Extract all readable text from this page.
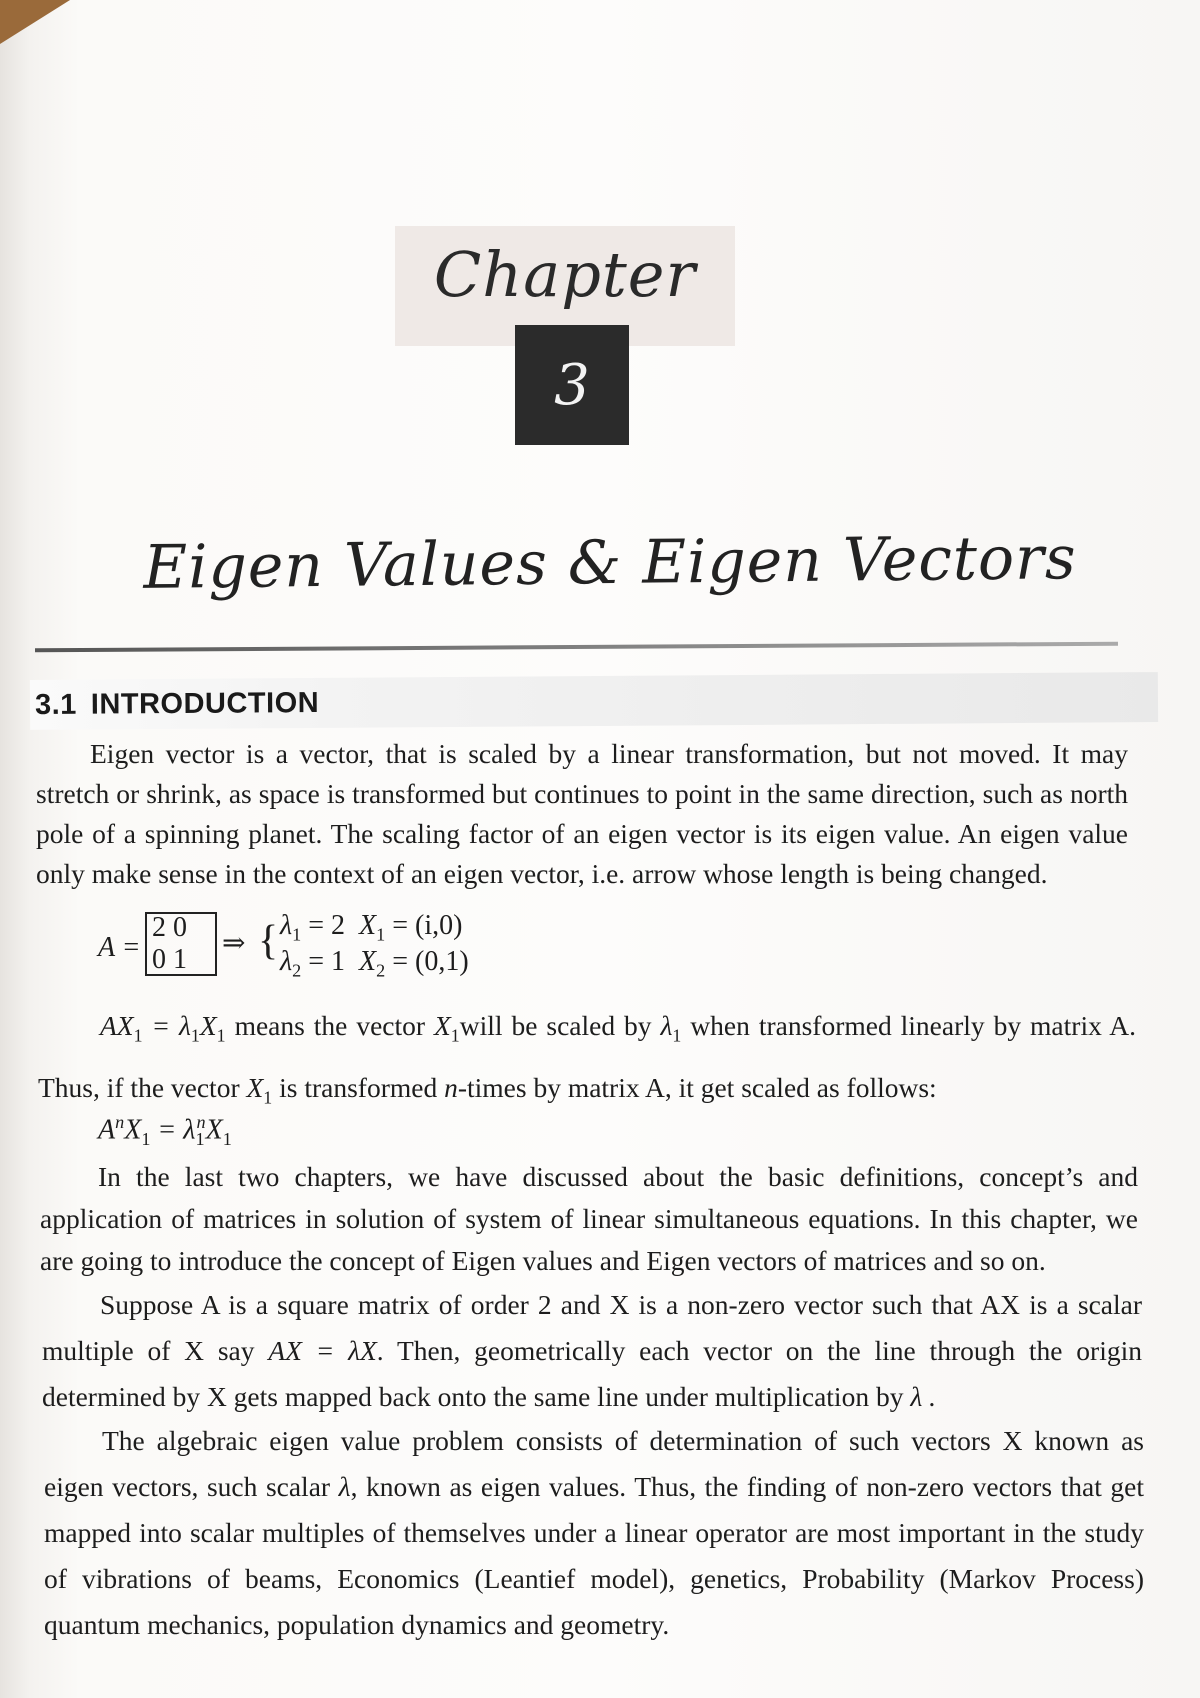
Chapter
3
Eigen Values & Eigen Vectors
3.1 INTRODUCTION

Eigen vector is a vector, that is scaled by a linear transformation, but not moved. It may stretch or shrink, as space is transformed but continues to point in the same direction, such as north pole of a spinning planet. The scaling factor of an eigen vector is its eigen value. An eigen value only make sense in the context of an eigen vector, i.e. arrow whose length is being changed.

A =
2 0
0 1
⇒ { $\lambda_1 = 2$ $X_1 = (i,0)$
$\lambda_2 = 1$ $X_2 = (0,1)$

$AX_1 = \lambda_1X_1$ means the vector $X_1will$ be scaled by $\lambda_1$ when transformed linearly by matrix A. Thus, if the vector $X_1$ is transformed n-times by matrix A, it get scaled as follows:

$A^nX_1 = \lambda_1^nX_1$

In the last two chapters, we have discussed about the basic definitions, concept’s and application of matrices in solution of system of linear simultaneous equations. In this chapter, we are going to introduce the concept of Eigen values and Eigen vectors of matrices and so on.

Suppose A is a square matrix of order 2 and X is a non-zero vector such that AX is a scalar multiple of X say AX = λX. Then, geometrically each vector on the line through the origin determined by X gets mapped back onto the same line under multiplication by λ .

The algebraic eigen value problem consists of determination of such vectors X known as eigen vectors, such scalar λ, known as eigen values. Thus, the finding of non-zero vectors that get mapped into scalar multiples of themselves under a linear operator are most important in the study of vibrations of beams, Economics (Leantief model), genetics, Probability (Markov Process) quantum mechanics, population dynamics and geometry.
